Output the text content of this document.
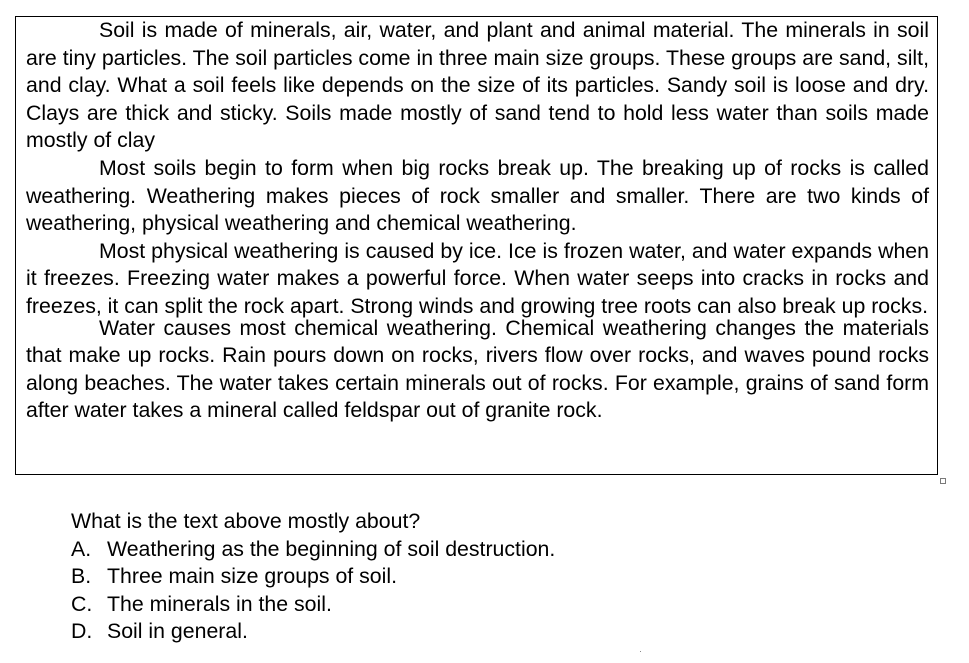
Soil is made of minerals, air, water, and plant and animal material. The minerals in soil are tiny particles. The soil particles come in three main size groups. These groups are sand, silt, and clay. What a soil feels like depends on the size of its particles. Sandy soil is loose and dry. Clays are thick and sticky. Soils made mostly of sand tend to hold less water than soils made mostly of clay

Most soils begin to form when big rocks break up. The breaking up of rocks is called weathering. Weathering makes pieces of rock smaller and smaller. There are two kinds of weathering, physical weathering and chemical weathering.

Most physical weathering is caused by ice. Ice is frozen water, and water expands when it freezes. Freezing water makes a powerful force. When water seeps into cracks in rocks and freezes, it can split the rock apart. Strong winds and growing tree roots can also break up rocks.

Water causes most chemical weathering. Chemical weathering changes the materials that make up rocks. Rain pours down on rocks, rivers flow over rocks, and waves pound rocks along beaches. The water takes certain minerals out of rocks. For example, grains of sand form after water takes a mineral called feldspar out of granite rock.

What is the text above mostly about?

A. Weathering as the beginning of soil destruction.
B. Three main size groups of soil.
C. The minerals in the soil.
D. Soil in general.
